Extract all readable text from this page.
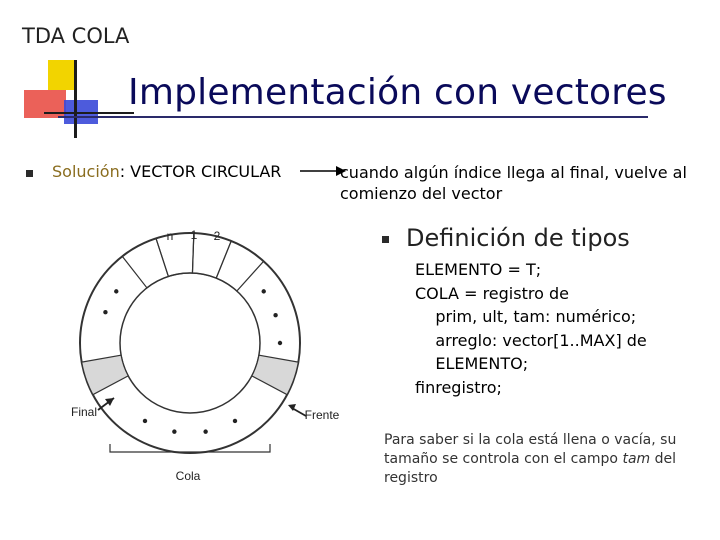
TDA COLA
Implementación con vectores
Solución: VECTOR CIRCULAR	cuando algún índice llega al final, vuelve al comienzo del vector
Definición de tipos
ELEMENTO = T;
COLA = registro de
prim, ult, tam: numérico;
arreglo: vector[1..MAX] de
ELEMENTO;
finregistro;
Para saber si la cola está llena o vacía, su tamaño se controla con el campo tam del registro
n 1 2
Final	Frente
Cola
